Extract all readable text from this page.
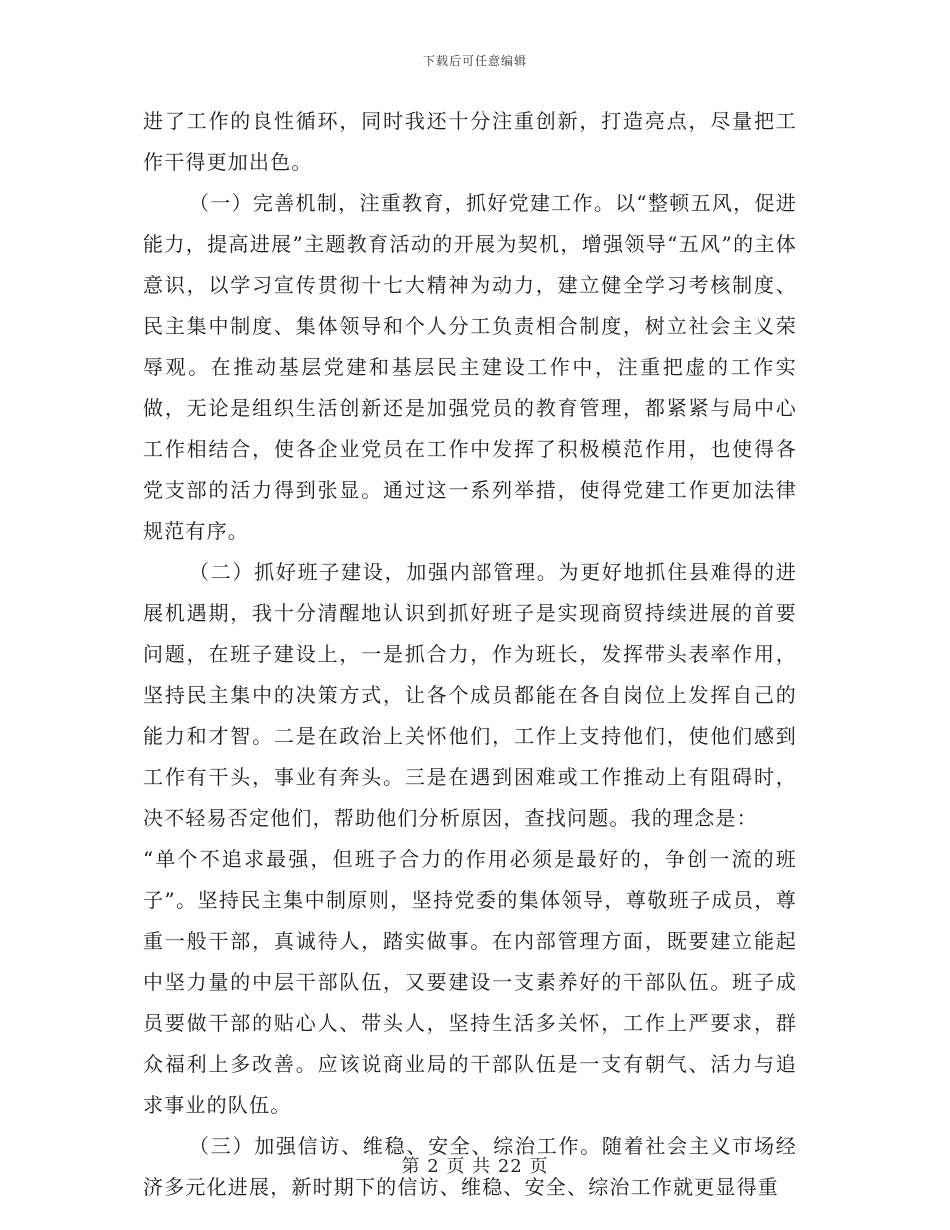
下载后可任意编辑

进了工作的良性循环，同时我还十分注重创新，打造亮点，尽量把工作干得更加出色。

（一）完善机制，注重教育，抓好党建工作。以“整顿五风，促进能力，提高进展”主题教育活动的开展为契机，增强领导“五风”的主体意识，以学习宣传贯彻十七大精神为动力，建立健全学习考核制度、民主集中制度、集体领导和个人分工负责相合制度，树立社会主义荣辱观。在推动基层党建和基层民主建设工作中，注重把虚的工作实做，无论是组织生活创新还是加强党员的教育管理，都紧紧与局中心工作相结合，使各企业党员在工作中发挥了积极模范作用，也使得各党支部的活力得到张显。通过这一系列举措，使得党建工作更加法律规范有序。

（二）抓好班子建设，加强内部管理。为更好地抓住县难得的进展机遇期，我十分清醒地认识到抓好班子是实现商贸持续进展的首要问题，在班子建设上，一是抓合力，作为班长，发挥带头表率作用，坚持民主集中的决策方式，让各个成员都能在各自岗位上发挥自己的能力和才智。二是在政治上关怀他们，工作上支持他们，使他们感到工作有干头，事业有奔头。三是在遇到困难或工作推动上有阻碍时，决不轻易否定他们，帮助他们分析原因，查找问题。我的理念是：

“单个不追求最强，但班子合力的作用必须是最好的，争创一流的班子”。坚持民主集中制原则，坚持党委的集体领导，尊敬班子成员，尊重一般干部，真诚待人，踏实做事。在内部管理方面，既要建立能起中坚力量的中层干部队伍，又要建设一支素养好的干部队伍。班子成员要做干部的贴心人、带头人，坚持生活多关怀，工作上严要求，群众福利上多改善。应该说商业局的干部队伍是一支有朝气、活力与追求事业的队伍。

（三）加强信访、维稳、安全、综治工作。随着社会主义市场经济多元化进展，新时期下的信访、维稳、安全、综治工作就更显得重

第 2 页 共 22 页
